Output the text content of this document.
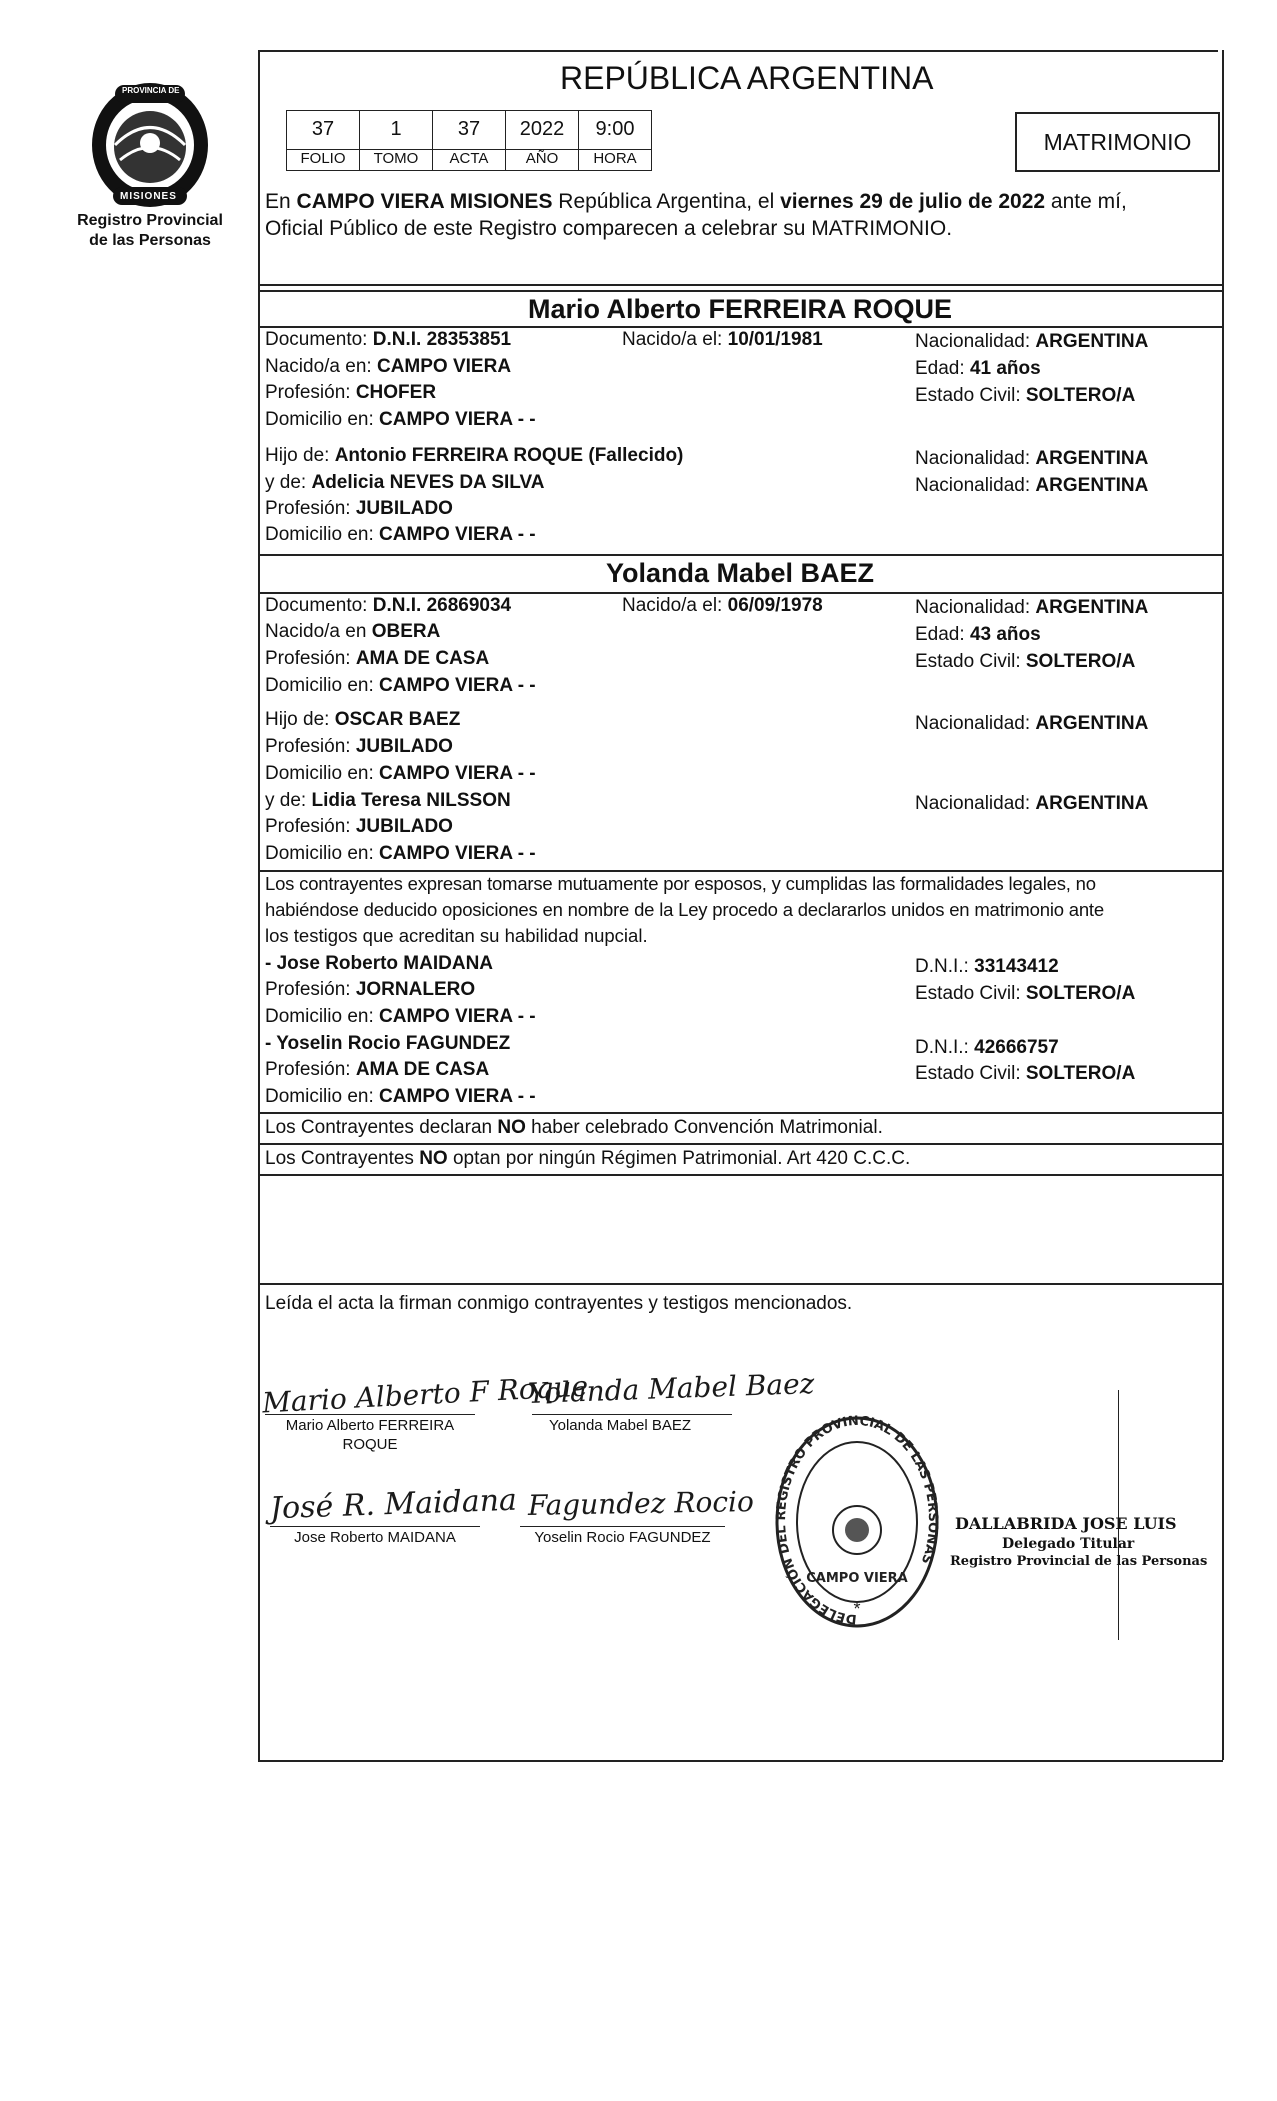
PROVINCIA DE
MISIONES
Registro Provincial
de las Personas
REPÚBLICA ARGENTINA
MATRIMONIO
37	1	37	2022	9:00
FOLIO	TOMO	ACTA	AÑO	HORA
En CAMPO VIERA MISIONES República Argentina, el viernes 29 de julio de 2022 ante mí,
Oficial Público de este Registro comparecen a celebrar su MATRIMONIO.
Mario Alberto FERREIRA ROQUE
Documento: D.N.I. 28353851	Nacido/a el: 10/01/1981	Nacionalidad: ARGENTINA
Nacido/a en: CAMPO VIERA	Edad: 41 años
Profesión: CHOFER	Estado Civil: SOLTERO/A
Domicilio en: CAMPO VIERA - -
Hijo de: Antonio FERREIRA ROQUE (Fallecido)	Nacionalidad: ARGENTINA
y de: Adelicia NEVES DA SILVA	Nacionalidad: ARGENTINA
Profesión: JUBILADO
Domicilio en: CAMPO VIERA - -
Yolanda Mabel BAEZ
Documento: D.N.I. 26869034	Nacido/a el: 06/09/1978	Nacionalidad: ARGENTINA
Nacido/a en OBERA	Edad: 43 años
Profesión: AMA DE CASA	Estado Civil: SOLTERO/A
Domicilio en: CAMPO VIERA - -
Hijo de: OSCAR BAEZ	Nacionalidad: ARGENTINA
Profesión: JUBILADO
Domicilio en: CAMPO VIERA - -
y de: Lidia Teresa NILSSON	Nacionalidad: ARGENTINA
Profesión: JUBILADO
Domicilio en: CAMPO VIERA - -
Los contrayentes expresan tomarse mutuamente por esposos, y cumplidas las formalidades legales, no
habiéndose deducido oposiciones en nombre de la Ley procedo a declararlos unidos en matrimonio ante
los testigos que acreditan su habilidad nupcial.
- Jose Roberto MAIDANA	D.N.I.: 33143412
Profesión: JORNALERO	Estado Civil: SOLTERO/A
Domicilio en: CAMPO VIERA - -
- Yoselin Rocio FAGUNDEZ	D.N.I.: 42666757
Profesión: AMA DE CASA	Estado Civil: SOLTERO/A
Domicilio en: CAMPO VIERA - -
Los Contrayentes declaran NO haber celebrado Convención Matrimonial.
Los Contrayentes NO optan por ningún Régimen Patrimonial. Art 420 C.C.C.
Leída el acta la firman conmigo contrayentes y testigos mencionados.
Mario Alberto F Roque
Mario Alberto FERREIRA
ROQUE
Yolanda Mabel Baez
Yolanda Mabel BAEZ
José R. Maidana
Jose Roberto MAIDANA
Fagundez Rocio
Yoselin Rocio FAGUNDEZ
DELEGACIÓN DEL REGISTRO PROVINCIAL DE LAS PERSONAS
CAMPO VIERA
*
DALLABRIDA JOSE LUIS
Delegado Titular
Registro Provincial de las Personas
